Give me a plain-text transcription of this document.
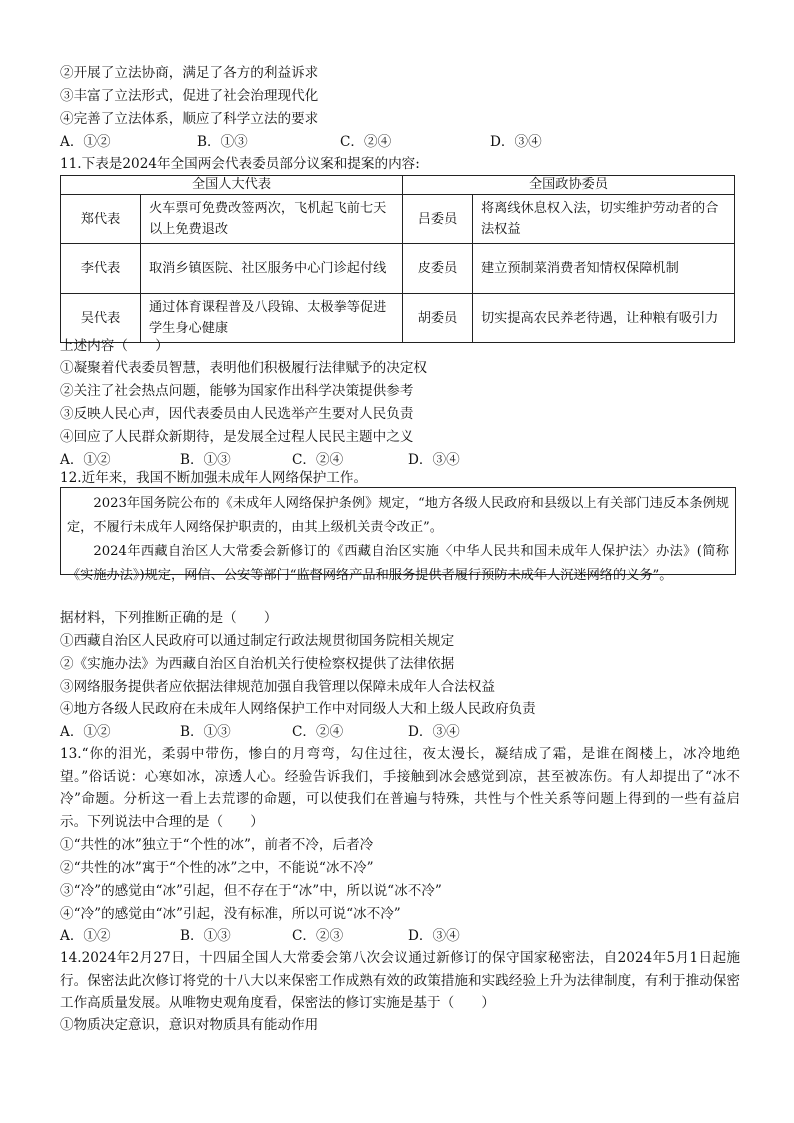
②开展了立法协商，满足了各方的利益诉求
③丰富了立法形式，促进了社会治理现代化
④完善了立法体系，顺应了科学立法的要求
A．①②	B．①③	C．②④	D．③④
11.下表是2024年全国两会代表委员部分议案和提案的内容:
全国人大代表		全国政协委员	
郑代表	火车票可免费改签两次，飞机起飞前七天以上免费退改	吕委员	将离线休息权入法，切实维护劳动者的合法权益
李代表	取消乡镇医院、社区服务中心门诊起付线	皮委员	建立预制菜消费者知情权保障机制
吴代表	通过体育课程普及八段锦、太极拳等促进学生身心健康	胡委员	切实提高农民养老待遇，让种粮有吸引力
上述内容（　　）
①凝聚着代表委员智慧，表明他们积极履行法律赋予的决定权
②关注了社会热点问题，能够为国家作出科学决策提供参考
③反映人民心声，因代表委员由人民选举产生要对人民负责
④回应了人民群众新期待，是发展全过程人民民主题中之义
A．①②	B．①③	C．②④	D．③④
12.近年来，我国不断加强未成年人网络保护工作。

2023年国务院公布的《未成年人网络保护条例》规定，“地方各级人民政府和县级以上有关部门违反本条例规定，不履行未成年人网络保护职责的，由其上级机关责令改正”。

2024年西藏自治区人大常委会新修订的《西藏自治区实施〈中华人民共和国未成年人保护法〉办法》(简称《实施办法》)规定，网信、公安等部门“监督网络产品和服务提供者履行预防未成年人沉迷网络的义务”。

据材料，下列推断正确的是（　　）
①西藏自治区人民政府可以通过制定行政法规贯彻国务院相关规定
②《实施办法》为西藏自治区自治机关行使检察权提供了法律依据
③网络服务提供者应依据法律规范加强自我管理以保障未成年人合法权益
④地方各级人民政府在未成年人网络保护工作中对同级人大和上级人民政府负责
A．①②	B．①③	C．②④	D．③④
13.“你的泪光，柔弱中带伤，惨白的月弯弯，勾住过往，夜太漫长，凝结成了霜，是谁在阁楼上，冰冷地绝望。”俗话说：心寒如冰，凉透人心。经验告诉我们，手接触到冰会感觉到凉，甚至被冻伤。有人却提出了“冰不冷”命题。分析这一看上去荒谬的命题，可以使我们在普遍与特殊，共性与个性关系等问题上得到的一些有益启示。下列说法中合理的是（　　）
①“共性的冰”独立于“个性的冰”，前者不冷，后者冷
②“共性的冰”寓于“个性的冰”之中，不能说“冰不冷”
③“冷”的感觉由“冰”引起，但不存在于“冰”中，所以说“冰不冷”
④“冷”的感觉由“冰”引起，没有标准，所以可说“冰不冷”
A．①②	B．①③	C．②③	D．③④
14.2024年2月27日，十四届全国人大常委会第八次会议通过新修订的保守国家秘密法，自2024年5月1日起施行。保密法此次修订将党的十八大以来保密工作成熟有效的政策措施和实践经验上升为法律制度，有利于推动保密工作高质量发展。从唯物史观角度看，保密法的修订实施是基于（　　）
①物质决定意识，意识对物质具有能动作用
